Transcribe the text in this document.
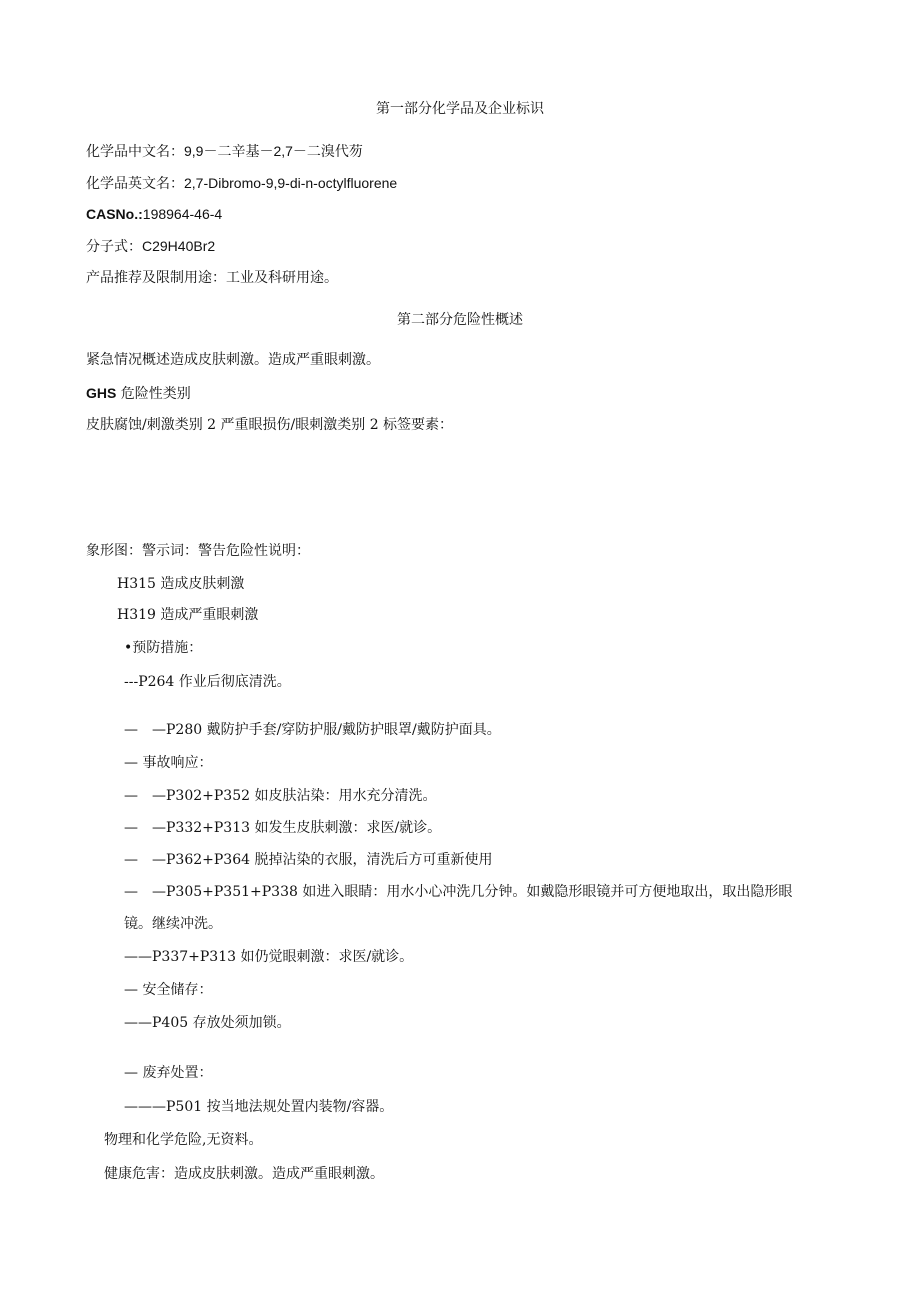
第一部分化学品及企业标识
化学品中文名：9,9－二辛基－2,7－二溴代芴
化学品英文名：2,7-Dibromo-9,9-di-n-octylfluorene
CASNo.:198964-46-4
分子式：C29H40Br2
产品推荐及限制用途：工业及科研用途。
第二部分危险性概述
紧急情况概述造成皮肤刺激。造成严重眼刺激。
GHS 危险性类别
皮肤腐蚀/刺激类别 2 严重眼损伤/眼刺激类别 2 标签要素：
象形图：警示词：警告危险性说明：
H315 造成皮肤刺激
H319 造成严重眼刺激
•预防措施：
---P264 作业后彻底清洗。
—　—P280 戴防护手套/穿防护服/戴防护眼罩/戴防护面具。
— 事故响应：
—　—P302+P352 如皮肤沾染：用水充分清洗。
—　—P332+P313 如发生皮肤刺激：求医/就诊。
—　—P362+P364 脱掉沾染的衣服，清洗后方可重新使用
—　—P305+P351+P338 如进入眼睛：用水小心冲洗几分钟。如戴隐形眼镜并可方便地取出，取出隐形眼
镜。继续冲洗。
——P337+P313 如仍觉眼刺激：求医/就诊。
— 安全储存：
——P405 存放处须加锁。
— 废弃处置：
———P501 按当地法规处置内装物/容器。
物理和化学危险,无资料。
健康危害：造成皮肤刺激。造成严重眼刺激。
